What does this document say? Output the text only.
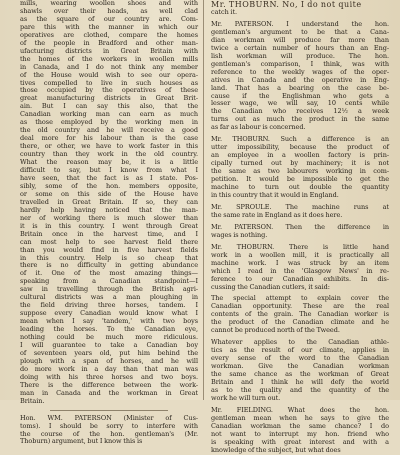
mills, wearing woollen shoes and with
shawls over their heads, as well clad
as the square of our country are. Com-
pare this with the manner in which our
operatives are clothed, compare the homes
of the people in Bradford and other man-
ufacturing districts in Great Britain with
the homes of the workers in woollen mills
in Canada, and I do not think any member
of the House would wish to see our opera-
tives compelled to live in such houses as
those occupied by the operatives of these
great manufacturing districts in Great Brit-
ain. But I can say this also, that the
Canadian working man can earn as much
as those employed by the working men in
the old country and he will receive a good
deal more for his labour than is the case
there, or other, we have to work faster in this
country than they work in the old country.
What the reason may be, it is a little
difficult to say, but I know from what I
have seen, that the fact is as I state. Pos-
sibly, some of the hon. members opposite,
or some on this side of the House have
travelled in Great Britain. If so, they can
hardly help having noticed that the man-
ner of working there is much slower than
it is in this country. I went through Great
Britain once in the harvest time, and I
can most help to see harvest field there
than you would find in five harvest fields
in this country. Help is so cheap that
there is no difficulty in getting abundance
of it. One of the most amazing things—
speaking from a Canadian standpoint—I
saw in travelling through the British agri-
cultural districts was a man ploughing in
the field driving three horses, tandem. I
suppose every Canadian would know what I
mean when I say 'tandem,' with two boys
leading the horses. To the Canadian eye,
nothing could be much more ridiculous.
I will guarantee to take a Canadian boy
of seventeen years old, put him behind the
plough with a span of horses, and he will
do more work in a day than that man was
doing with his three horses and two boys.
There is the difference between the work-
man in Canada and the workman in Great
Britain.
Hon. WM. PATERSON (Minister of Cus-
toms). I should be sorry to interfere with
the course of the hon. gentleman's (Mr.
Thoburn) argument, but I know this is
Mr. THOBURN. No, I do not quite
catch it.
Mr. PATERSON. I understand the hon.
gentleman's argument to be that a Cana-
dian workman will produce far more than
twice a certain number of hours than an Eng-
lish workman will produce. The hon.
gentleman's comparison, I think, was with
reference to the weekly wages of the oper-
atives in Canada and the operative in Eng-
land. That has a bearing on the case be-
cause if the Englishman who gets a
lesser wage, we will say, 10 cents while
the Canadian who receives 12½ a week
turns out as much the product in the same
as far as labour is concerned.
Mr. THOBURN. Such a difference is an
utter impossibility, because the product of
an employee in a woollen factory is prin-
cipally turned out by machinery; it is not
the same as two labourers working in com-
petition. It would be impossible to get the
machine to turn out double the quantity
in this country that it would in England.
Mr. SPROULE. The machine runs at
the same rate in England as it does here.
Mr. PATERSON. Then the difference in
wages is nothing.
Mr. THOBURN. There is little hand
work in a woollen mill, it is practically all
machine work. I was struck by an item
which I read in the 'Glasgow News' in re-
ference to our Canadian exhibits. In dis-
cussing the Canadian cutlers, it said:
The special attempt to explain cover the
Canadian opportunity. These are the real
contents of the grain. The Canadian worker is
the product of the Canadian climate and he
cannot be produced north of the Tweed.
Whatever applies to the Canadian athle-
tics as the result of our climate, applies in
every sense of the word to the Canadian
workman. Give the Canadian workman
the same chance as the workman of Great
Britain and I think he will defy the world
as to the quality and the quantity of the
work he will turn out.
Mr. FIELDING. What does the hon.
gentleman mean when he says to give the
Canadian workman the same chance? I do
not want to interrupt my hon. friend who
is speaking with great interest and with a
knowledge of the subject, but what does
